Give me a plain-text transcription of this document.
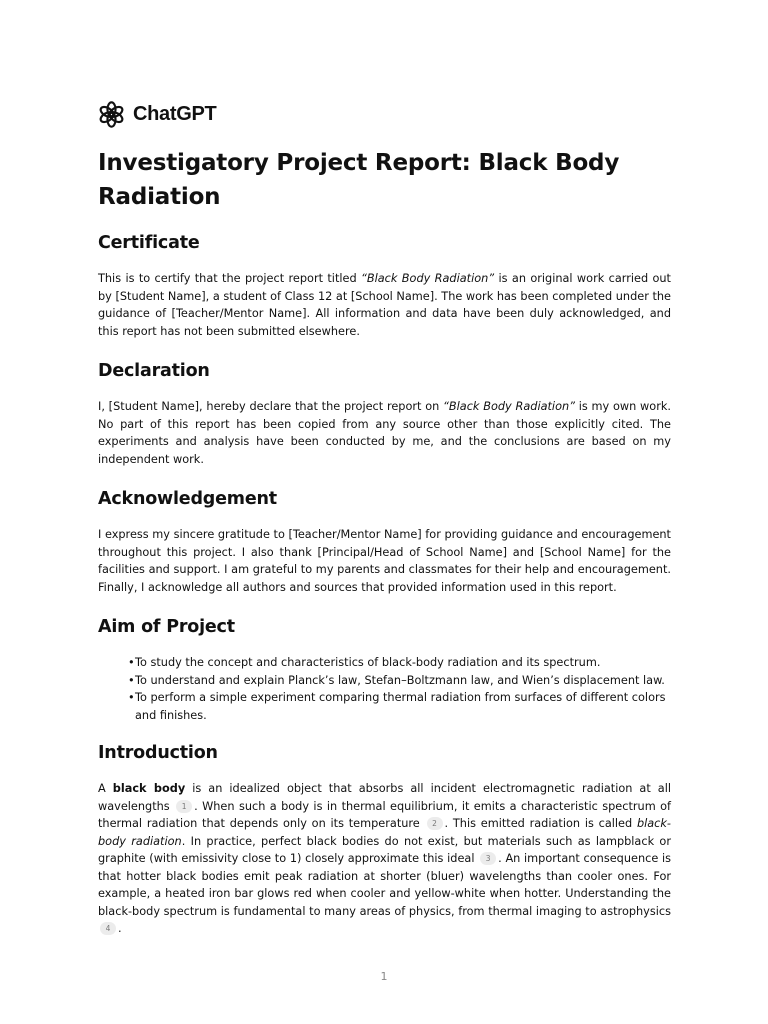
ChatGPT
Investigatory Project Report: Black Body Radiation
Certificate

This is to certify that the project report titled “Black Body Radiation” is an original work carried out by [Student Name], a student of Class 12 at [School Name]. The work has been completed under the guidance of [Teacher/Mentor Name]. All information and data have been duly acknowledged, and this report has not been submitted elsewhere.

Declaration

I, [Student Name], hereby declare that the project report on “Black Body Radiation” is my own work. No part of this report has been copied from any source other than those explicitly cited. The experiments and analysis have been conducted by me, and the conclusions are based on my independent work.

Acknowledgement

I express my sincere gratitude to [Teacher/Mentor Name] for providing guidance and encouragement throughout this project. I also thank [Principal/Head of School Name] and [School Name] for the facilities and support. I am grateful to my parents and classmates for their help and encouragement. Finally, I acknowledge all authors and sources that provided information used in this report.

Aim of Project
• To study the concept and characteristics of black-body radiation and its spectrum.
• To understand and explain Planck’s law, Stefan–Boltzmann law, and Wien’s displacement law.
• To perform a simple experiment comparing thermal radiation from surfaces of different colors and finishes.
Introduction

A black body is an idealized object that absorbs all incident electromagnetic radiation at all wavelengths 1 . When such a body is in thermal equilibrium, it emits a characteristic spectrum of thermal radiation that depends only on its temperature 2 . This emitted radiation is called black-body radiation. In practice, perfect black bodies do not exist, but materials such as lampblack or graphite (with emissivity close to 1) closely approximate this ideal 3 . An important consequence is that hotter black bodies emit peak radiation at shorter (bluer) wavelengths than cooler ones. For example, a heated iron bar glows red when cooler and yellow-white when hotter. Understanding the black-body spectrum is fundamental to many areas of physics, from thermal imaging to astrophysics 4 .

1
